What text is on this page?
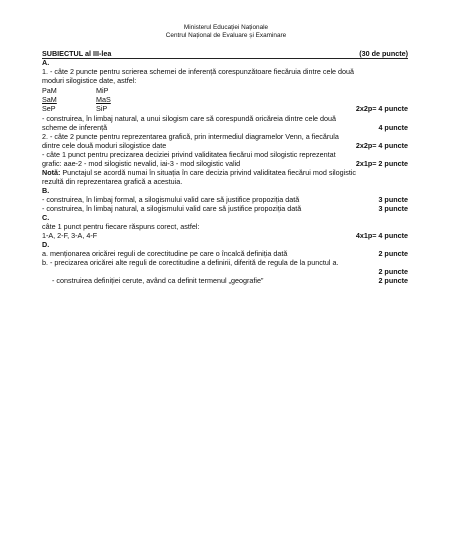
Ministerul Educației Naționale
Centrul Național de Evaluare și Examinare
SUBIECTUL al III-lea	(30 de puncte)
A.
1. - câte 2 puncte pentru scrierea schemei de inferență corespunzătoare fiecăruia dintre cele două
moduri silogistice date, astfel:
PaM	MiP
SaM	MaS
SeP	SiP	2x2p= 4 puncte
- construirea, în limbaj natural, a unui silogism care să corespundă oricăreia dintre cele două
scheme de inferență	4 puncte
2. - câte 2 puncte pentru reprezentarea grafică, prin intermediul diagramelor Venn, a fiecărula
dintre cele două moduri silogistice date	2x2p= 4 puncte
- câte 1 punct pentru precizarea deciziei privind validitatea fiecărui mod silogistic reprezentat
grafic: aae-2 - mod silogistic nevalid, iai-3 - mod silogistic valid	2x1p= 2 puncte
Notă: Punctajul se acordă numai în situația în care decizia privind validitatea fiecărui mod silogistic
rezultă din reprezentarea grafică a acestuia.
B.
- construirea, în limbaj formal, a silogismului valid care să justifice propoziția dată	3 puncte
- construirea, în limbaj natural, a silogismului valid care să justifice propoziția dată	3 puncte
C.
câte 1 punct pentru fiecare răspuns corect, astfel:
1-A, 2-F, 3-A, 4-F	4x1p= 4 puncte
D.
a. menționarea oricărei reguli de corectitudine pe care o încalcă definiția dată	2 puncte
b. - precizarea oricărei alte reguli de corectitudine a definirii, diferită de regula de la punctul a.
2 puncte
- construirea definiției cerute, având ca definit termenul „geografie”	2 puncte
